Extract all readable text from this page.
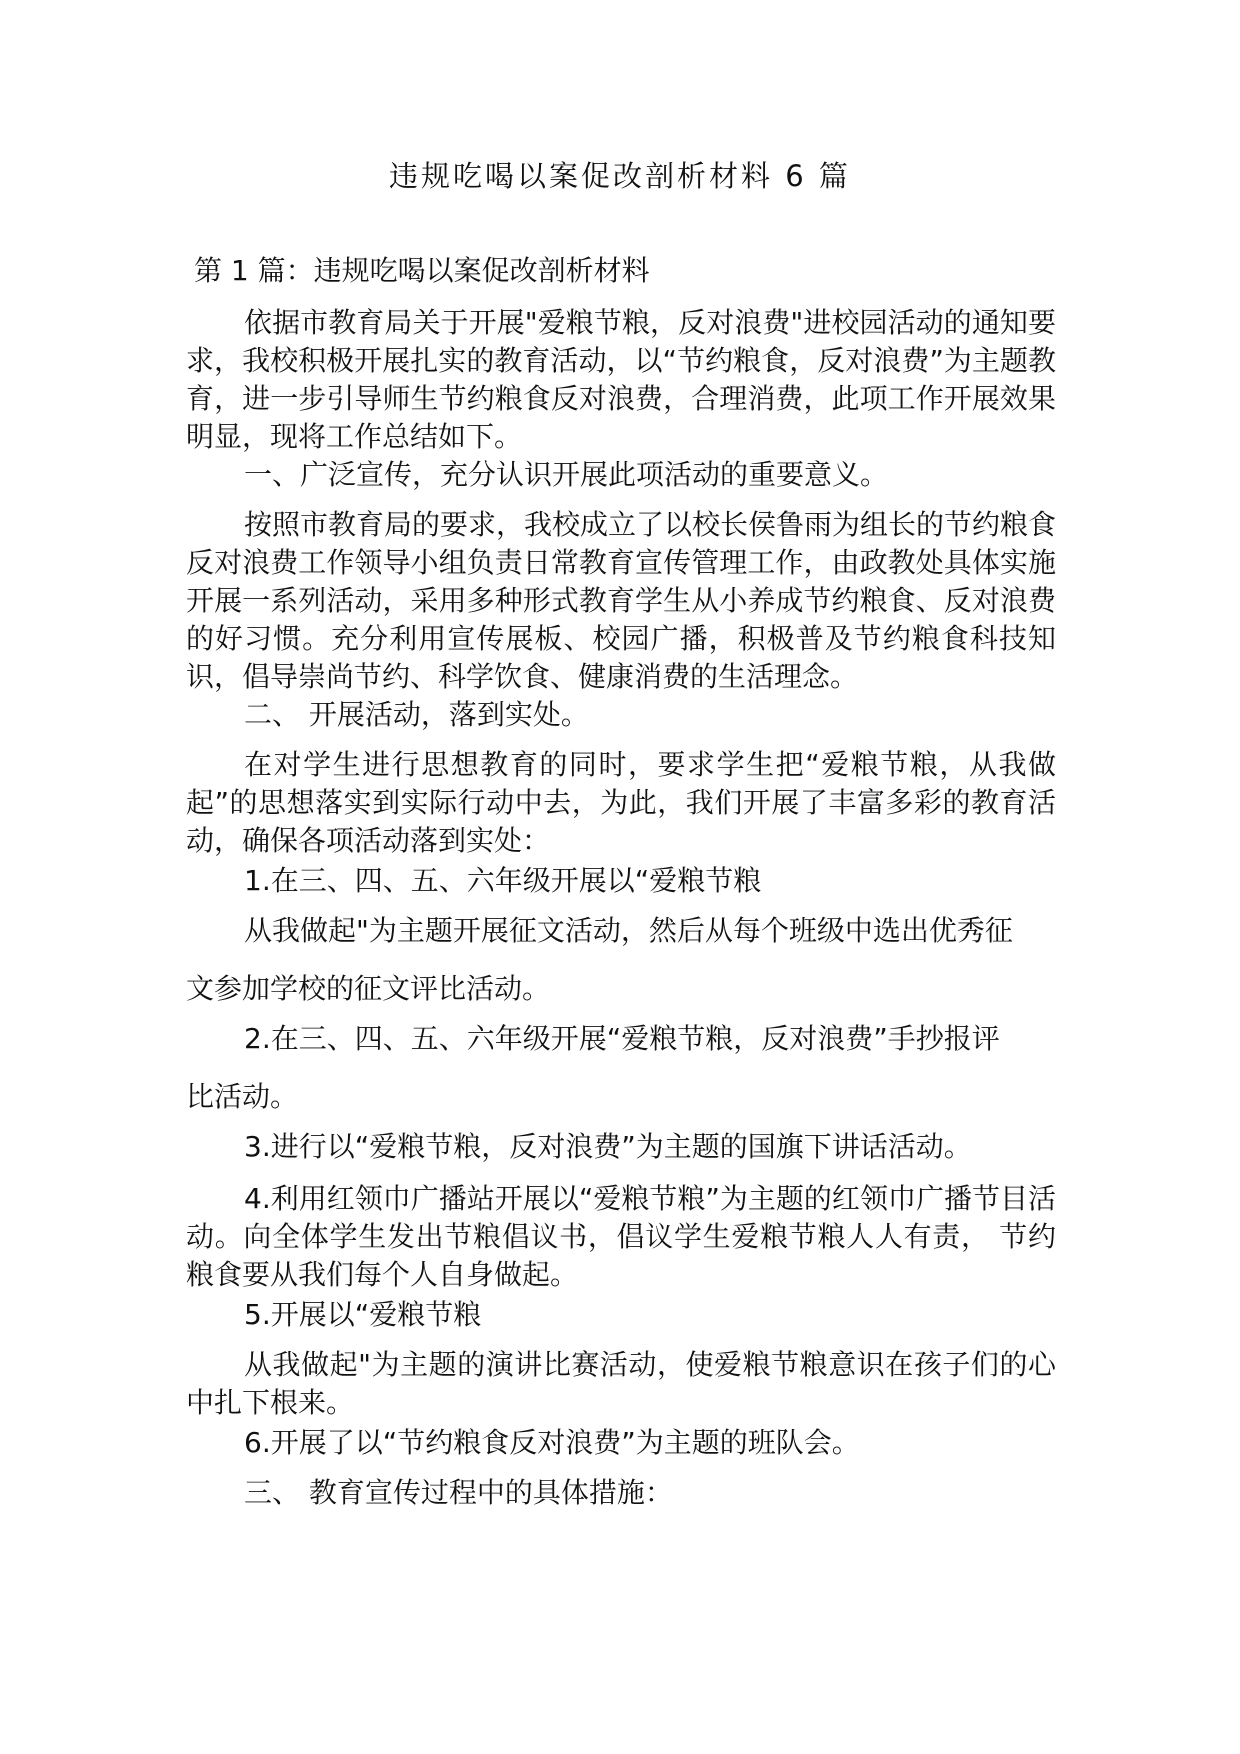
违规吃喝以案促改剖析材料 6 篇

第 1 篇：违规吃喝以案促改剖析材料

依据市教育局关于开展"爱粮节粮，反对浪费"进校园活动的通知要求，我校积极开展扎实的教育活动，以“节约粮食，反对浪费”为主题教育，进一步引导师生节约粮食反对浪费，合理消费，此项工作开展效果明显，现将工作总结如下。

一、广泛宣传，充分认识开展此项活动的重要意义。

按照市教育局的要求，我校成立了以校长侯鲁雨为组长的节约粮食反对浪费工作领导小组负责日常教育宣传管理工作，由政教处具体实施开展一系列活动，采用多种形式教育学生从小养成节约粮食、反对浪费的好习惯。充分利用宣传展板、校园广播，积极普及节约粮食科技知识，倡导崇尚节约、科学饮食、健康消费的生活理念。

二、 开展活动，落到实处。

在对学生进行思想教育的同时，要求学生把“爱粮节粮，从我做起”的思想落实到实际行动中去，为此，我们开展了丰富多彩的教育活动，确保各项活动落到实处：

1.在三、四、五、六年级开展以“爱粮节粮

从我做起"为主题开展征文活动，然后从每个班级中选出优秀征

文参加学校的征文评比活动。

2.在三、四、五、六年级开展“爱粮节粮，反对浪费”手抄报评

比活动。

3.进行以“爱粮节粮，反对浪费”为主题的国旗下讲话活动。

4.利用红领巾广播站开展以“爱粮节粮”为主题的红领巾广播节目活动。向全体学生发出节粮倡议书，倡议学生爱粮节粮人人有责， 节约粮食要从我们每个人自身做起。

5.开展以“爱粮节粮

从我做起"为主题的演讲比赛活动，使爱粮节粮意识在孩子们的心中扎下根来。

6.开展了以“节约粮食反对浪费”为主题的班队会。

三、 教育宣传过程中的具体措施：
